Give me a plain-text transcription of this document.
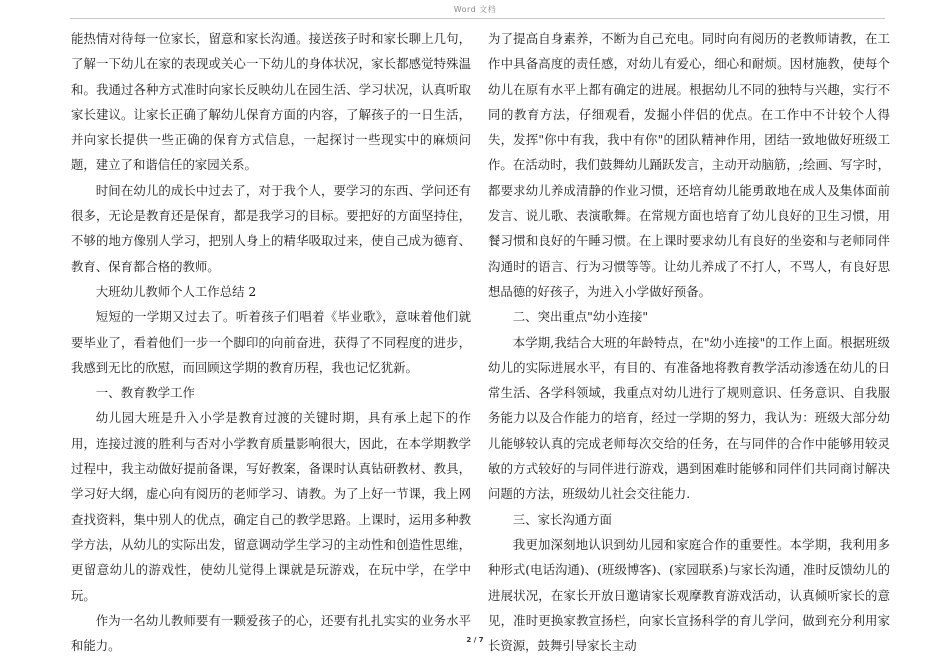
Word 文档

能热情对待每一位家长，留意和家长沟通。接送孩子时和家长聊上几句，了解一下幼儿在家的表现或关心一下幼儿的身体状况，家长都感觉特殊温和。我通过各种方式准时向家长反映幼儿在园生活、学习状况，认真听取家长建议。让家长正确了解幼儿保育方面的内容，了解孩子的一日生活，并向家长提供一些正确的保育方式信息，一起探讨一些现实中的麻烦问题，建立了和谐信任的家园关系。

时间在幼儿的成长中过去了，对于我个人，要学习的东西、学问还有很多，无论是教育还是保育，都是我学习的目标。要把好的方面坚持住，不够的地方像别人学习，把别人身上的精华吸取过来，使自己成为德育、教育、保育都合格的教师。

大班幼儿教师个人工作总结 2

短短的一学期又过去了。听着孩子们唱着《毕业歌》，意味着他们就要毕业了，看着他们一步一个脚印的向前奋进，获得了不同程度的进步，我感到无比的欣慰，而回顾这学期的教育历程，我也记忆犹新。

一、教育教学工作

幼儿园大班是升入小学是教育过渡的关键时期，具有承上起下的作用，连接过渡的胜利与否对小学教育质量影响很大，因此，在本学期教学过程中，我主动做好提前备课，写好教案，备课时认真钻研教材、教具，学习好大纲，虚心向有阅历的老师学习、请教。为了上好一节课，我上网查找资料，集中别人的优点，确定自己的教学思路。上课时，运用多种教学方法，从幼儿的实际出发，留意调动学生学习的主动性和创造性思维，更留意幼儿的游戏性，使幼儿觉得上课就是玩游戏，在玩中学，在学中玩。

作为一名幼儿教师要有一颗爱孩子的心，还要有扎扎实实的业务水平和能力。

为了提高自身素养，不断为自己充电。同时向有阅历的老教师请教，在工作中具备高度的责任感，对幼儿有爱心，细心和耐烦。因材施教，使每个幼儿在原有水平上都有确定的进展。根据幼儿不同的独特与兴趣，实行不同的教育方法，仔细观看，发掘小伴侣的优点。在工作中不计较个人得失，发挥"你中有我，我中有你"的团队精神作用，团结一致地做好班级工作。在活动时，我们鼓舞幼儿踊跃发言，主动开动脑筋，;绘画、写字时，都要求幼儿养成清静的作业习惯，还培育幼儿能勇敢地在成人及集体面前发言、说儿歌、表演歌舞。在常规方面也培育了幼儿良好的卫生习惯，用餐习惯和良好的午睡习惯。在上课时要求幼儿有良好的坐姿和与老师同伴沟通时的语言、行为习惯等等。让幼儿养成了不打人，不骂人，有良好思想品德的好孩子，为进入小学做好预备。

二、突出重点"幼小连接"

本学期,我结合大班的年龄特点，在"幼小连接"的工作上面。根据班级幼儿的实际进展水平，有目的、有准备地将教育教学活动渗透在幼儿的日常生活、各学科领域，我重点对幼儿进行了规则意识、任务意识、自我服务能力以及合作能力的培育，经过一学期的努力，我认为：班级大部分幼儿能够较认真的完成老师每次交给的任务，在与同伴的合作中能够用较灵敏的方式较好的与同伴进行游戏，遇到困难时能够和同伴们共同商讨解决问题的方法，班级幼儿社会交往能力.

三、家长沟通方面

我更加深刻地认识到幼儿园和家庭合作的重要性。本学期，我利用多种形式(电话沟通)、(班级博客)、(家园联系)与家长沟通，准时反馈幼儿的进展状况，在家长开放日邀请家长观摩教育游戏活动，认真倾听家长的意见，准时更换家教宣扬栏，向家长宣扬科学的育儿学问，做到充分利用家长资源，鼓舞引导家长主动

2 / 7
